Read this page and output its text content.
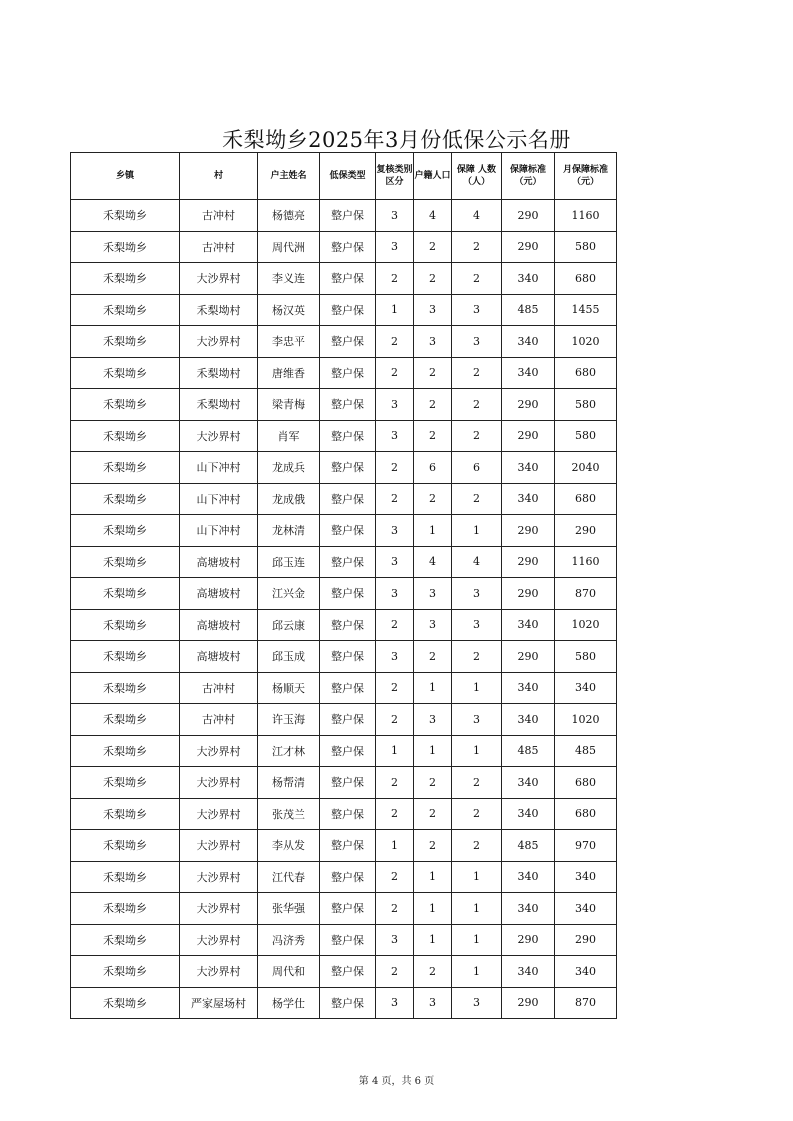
禾梨坳乡2025年3月份低保公示名册
乡镇	村	户主姓名	低保类型	复核类别区分	户籍人口	保障 人数（人）	保障标准（元）	月保障标准（元）
禾梨坳乡	古冲村	杨德亮	整户保	3	4	4	290	1160
禾梨坳乡	古冲村	周代洲	整户保	3	2	2	290	580
禾梨坳乡	大沙界村	李义连	整户保	2	2	2	340	680
禾梨坳乡	禾梨坳村	杨汉英	整户保	1	3	3	485	1455
禾梨坳乡	大沙界村	李忠平	整户保	2	3	3	340	1020
禾梨坳乡	禾梨坳村	唐维香	整户保	2	2	2	340	680
禾梨坳乡	禾梨坳村	梁青梅	整户保	3	2	2	290	580
禾梨坳乡	大沙界村	肖军	整户保	3	2	2	290	580
禾梨坳乡	山下冲村	龙成兵	整户保	2	6	6	340	2040
禾梨坳乡	山下冲村	龙成俄	整户保	2	2	2	340	680
禾梨坳乡	山下冲村	龙林清	整户保	3	1	1	290	290
禾梨坳乡	高塘坡村	邱玉连	整户保	3	4	4	290	1160
禾梨坳乡	高塘坡村	江兴金	整户保	3	3	3	290	870
禾梨坳乡	高塘坡村	邱云康	整户保	2	3	3	340	1020
禾梨坳乡	高塘坡村	邱玉成	整户保	3	2	2	290	580
禾梨坳乡	古冲村	杨顺天	整户保	2	1	1	340	340
禾梨坳乡	古冲村	许玉海	整户保	2	3	3	340	1020
禾梨坳乡	大沙界村	江才林	整户保	1	1	1	485	485
禾梨坳乡	大沙界村	杨帮清	整户保	2	2	2	340	680
禾梨坳乡	大沙界村	张茂兰	整户保	2	2	2	340	680
禾梨坳乡	大沙界村	李从发	整户保	1	2	2	485	970
禾梨坳乡	大沙界村	江代春	整户保	2	1	1	340	340
禾梨坳乡	大沙界村	张华强	整户保	2	1	1	340	340
禾梨坳乡	大沙界村	冯济秀	整户保	3	1	1	290	290
禾梨坳乡	大沙界村	周代和	整户保	2	2	1	340	340
禾梨坳乡	严家屋场村	杨学仕	整户保	3	3	3	290	870
第 4 页，共 6 页
